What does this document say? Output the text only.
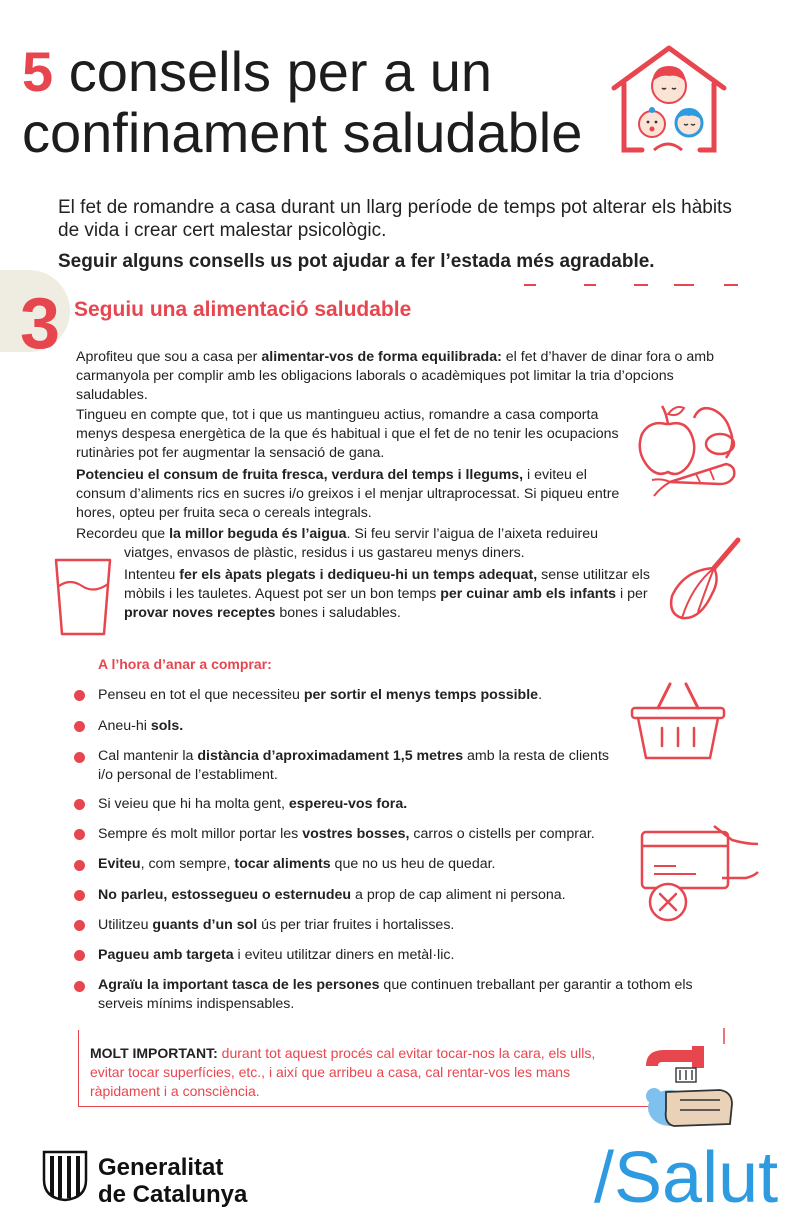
5 consells per a un
confinament saludable
El fet de romandre a casa durant un llarg període de temps pot alterar els hàbits de vida i crear cert malestar psicològic.
Seguir alguns consells us pot ajudar a fer l’estada més agradable.
3 Seguiu una alimentació saludable
Aprofiteu que sou a casa per alimentar-vos de forma equilibrada: el fet d’haver de dinar fora o amb carmanyola per complir amb les obligacions laborals o acadèmiques pot limitar la tria d’opcions saludables.
Tingueu en compte que, tot i que us mantingueu actius, romandre a casa comporta menys despesa energètica de la que és habitual i que el fet de no tenir les ocupacions rutinàries pot fer augmentar la sensació de gana.
Potencieu el consum de fruita fresca, verdura del temps i llegums, i eviteu el consum d’aliments rics en sucres i/o greixos i el menjar ultraprocessat. Si piqueu entre hores, opteu per fruita seca o cereals integrals.
Recordeu que la millor beguda és l’aigua. Si feu servir l’aigua de l’aixeta reduireu
viatges, envasos de plàstic, residus i us gastareu menys diners.
Intenteu fer els àpats plegats i dediqueu-hi un temps adequat, sense utilitzar els mòbils i les tauletes. Aquest pot ser un bon temps per cuinar amb els infants i per provar noves receptes bones i saludables.
A l’hora d’anar a comprar:
Penseu en tot el que necessiteu per sortir el menys temps possible.
Aneu-hi sols.
Cal mantenir la distància d’aproximadament 1,5 metres amb la resta de clients i/o personal de l’establiment.
Si veieu que hi ha molta gent, espereu-vos fora.
Sempre és molt millor portar les vostres bosses, carros o cistells per comprar.
Eviteu, com sempre, tocar aliments que no us heu de quedar.
No parleu, estossegueu o esternudeu a prop de cap aliment ni persona.
Utilitzeu guants d’un sol ús per triar fruites i hortalisses.
Pagueu amb targeta i eviteu utilitzar diners en metàl·lic.
Agraïu la important tasca de les persones que continuen treballant per garantir a tothom els serveis mínims indispensables.
MOLT IMPORTANT: durant tot aquest procés cal evitar tocar-nos la cara, els ulls, evitar tocar superfícies, etc., i així que arribeu a casa, cal rentar-vos les mans ràpidament i a consciència.
Generalitat
de Catalunya	/Salut
